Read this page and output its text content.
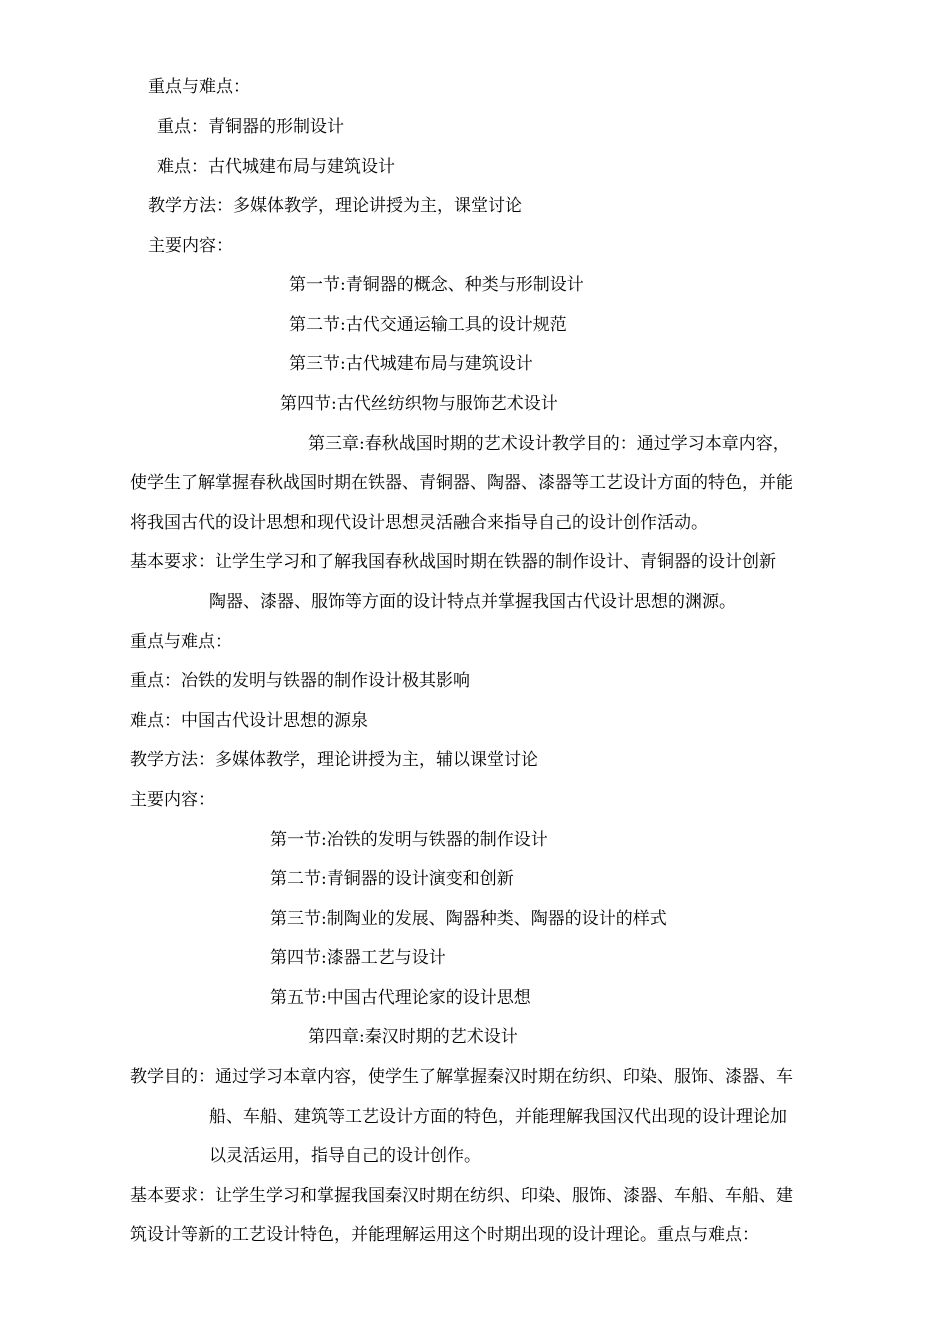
重点与难点：
重点：青铜器的形制设计
难点：古代城建布局与建筑设计
教学方法：多媒体教学，理论讲授为主，课堂讨论
主要内容：
第一节:青铜器的概念、种类与形制设计
第二节:古代交通运输工具的设计规范
第三节:古代城建布局与建筑设计
第四节:古代丝纺织物与服饰艺术设计
第三章:春秋战国时期的艺术设计教学目的：通过学习本章内容，
使学生了解掌握春秋战国时期在铁器、青铜器、陶器、漆器等工艺设计方面的特色，并能
将我国古代的设计思想和现代设计思想灵活融合来指导自己的设计创作活动。
基本要求：让学生学习和了解我国春秋战国时期在铁器的制作设计、青铜器的设计创新
陶器、漆器、服饰等方面的设计特点并掌握我国古代设计思想的渊源。
重点与难点：
重点：冶铁的发明与铁器的制作设计极其影响
难点：中国古代设计思想的源泉
教学方法：多媒体教学，理论讲授为主，辅以课堂讨论
主要内容：
第一节:冶铁的发明与铁器的制作设计
第二节:青铜器的设计演变和创新
第三节:制陶业的发展、陶器种类、陶器的设计的样式
第四节:漆器工艺与设计
第五节:中国古代理论家的设计思想
第四章:秦汉时期的艺术设计
教学目的：通过学习本章内容，使学生了解掌握秦汉时期在纺织、印染、服饰、漆器、车
船、车船、建筑等工艺设计方面的特色，并能理解我国汉代出现的设计理论加
以灵活运用，指导自己的设计创作。
基本要求：让学生学习和掌握我国秦汉时期在纺织、印染、服饰、漆器、车船、车船、建
筑设计等新的工艺设计特色，并能理解运用这个时期出现的设计理论。重点与难点：
